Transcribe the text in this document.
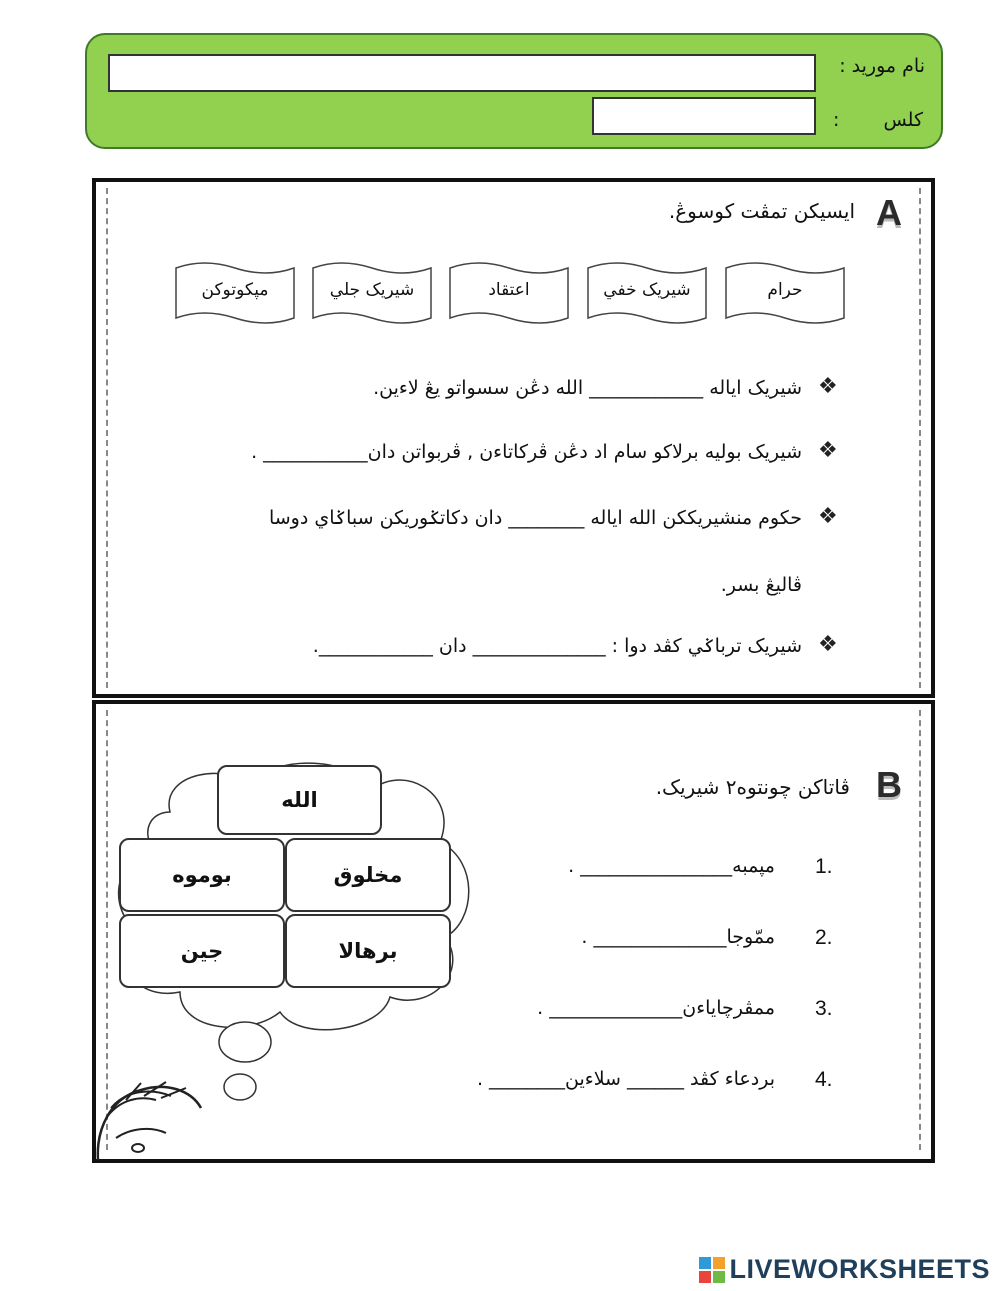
نام موريد :
: کلس
A
ايسيکن تمڤت کوسوڠ.
حرام
شيريک خفي
اعتقاد
شيريک جلي
مپکوتوکن
❖
شيريک اياله ____________ الله دڠن سسواتو يڠ لاءين.
❖
شيريک بوليه برلاکو سام اد دڠن ڤرکاتاءن , ڤربواتن دان___________ .
❖
حکوم منشيريککن الله اياله ________ دان دکاتݢوريکن سباݢاي دوسا
ڤاليڠ بسر.
❖
شيريک ترباݢي کڤد دوا : ______________ دان ____________.
B
ڤاتاکن چونتوه٢ شيريک.
الله
مخلوق
بوموه
برهالا
جين
1.
مپمبه________________ .
2.
ممّوجا______________ .
3.
ممڤرچاياءن______________ .
4.
بردعاء کڤد ______ سلاءين________ .
LIVEWORKSHEETS
